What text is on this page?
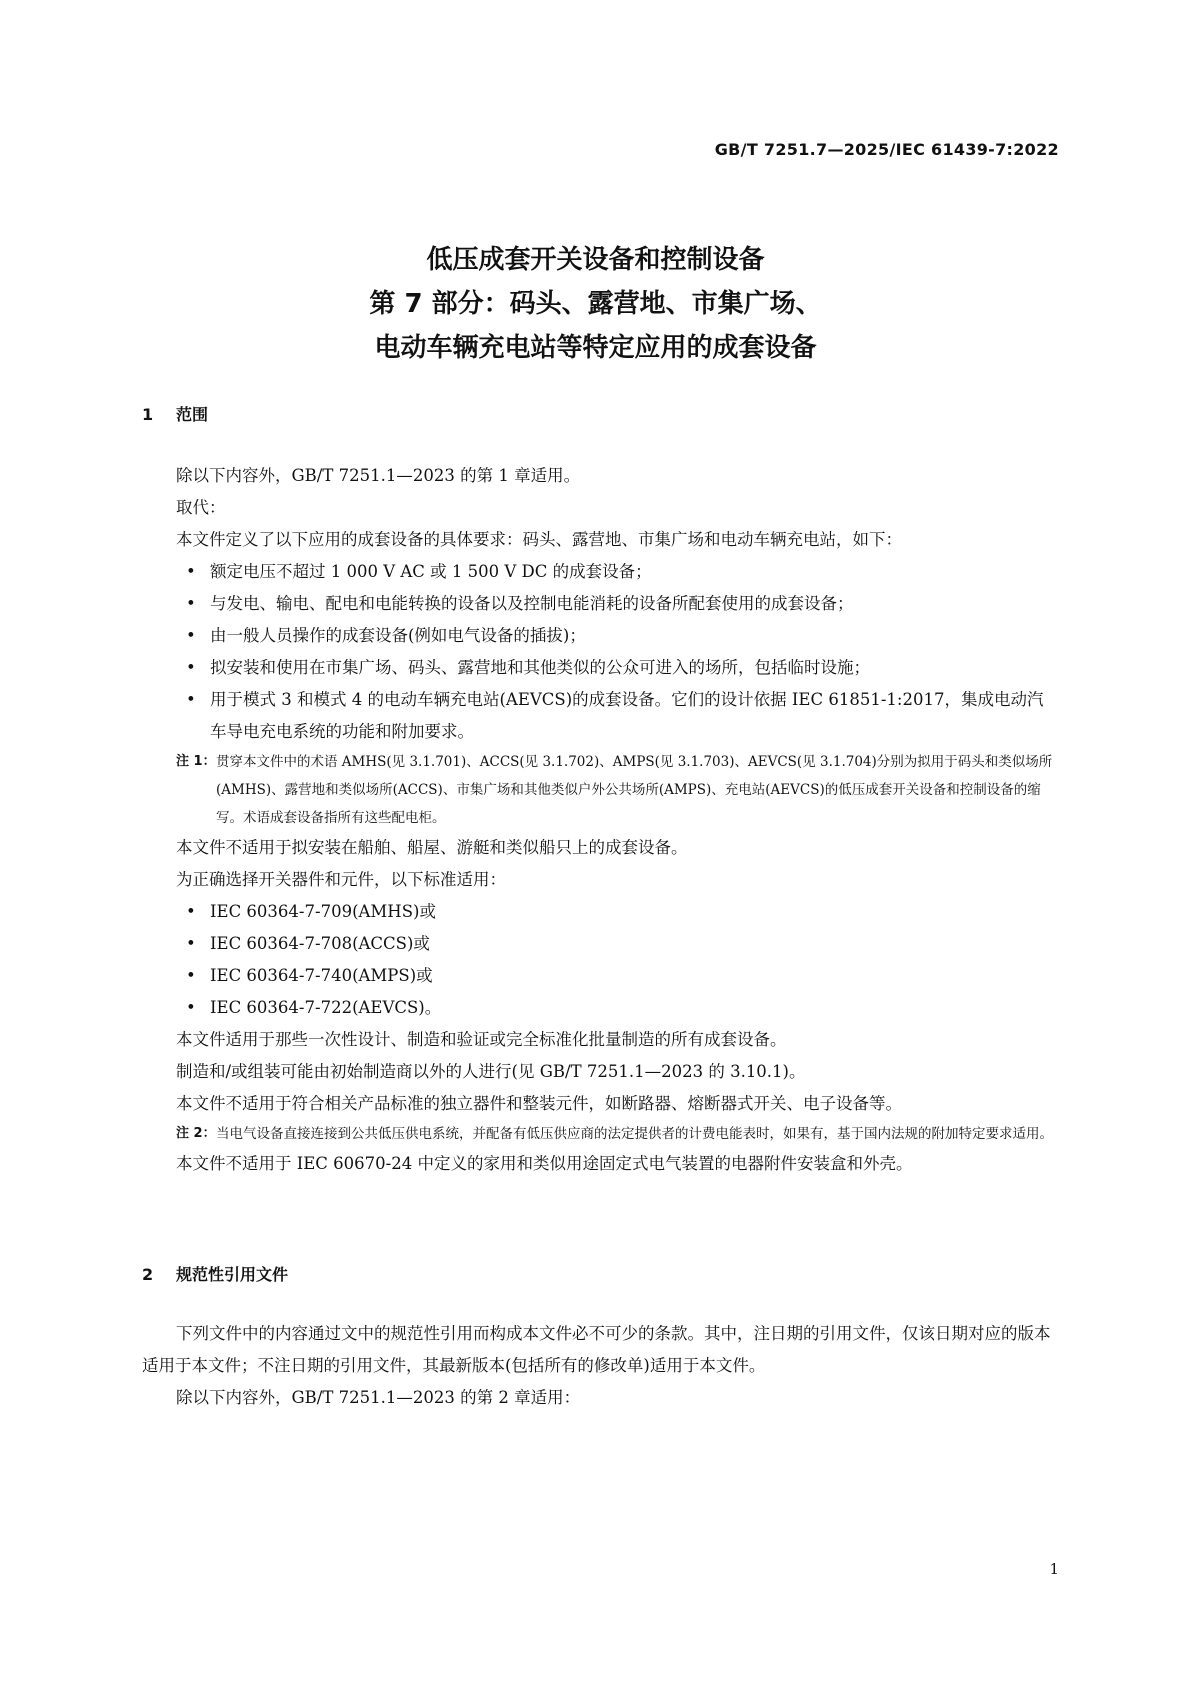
GB/T 7251.7—2025/IEC 61439-7:2022
低压成套开关设备和控制设备
第 7 部分：码头、露营地、市集广场、
电动车辆充电站等特定应用的成套设备
1 范围

除以下内容外，GB/T 7251.1—2023 的第 1 章适用。

取代：

本文件定义了以下应用的成套设备的具体要求：码头、露营地、市集广场和电动车辆充电站，如下：

• 额定电压不超过 1 000 V AC 或 1 500 V DC 的成套设备；

• 与发电、输电、配电和电能转换的设备以及控制电能消耗的设备所配套使用的成套设备；

• 由一般人员操作的成套设备(例如电气设备的插拔)；

• 拟安装和使用在市集广场、码头、露营地和其他类似的公众可进入的场所，包括临时设施；

• 用于模式 3 和模式 4 的电动车辆充电站(AEVCS)的成套设备。它们的设计依据 IEC 61851-1:2017，集成电动汽车导电充电系统的功能和附加要求。

注 1： 贯穿本文件中的术语 AMHS(见 3.1.701)、ACCS(见 3.1.702)、AMPS(见 3.1.703)、AEVCS(见 3.1.704)分别为拟用于码头和类似场所(AMHS)、露营地和类似场所(ACCS)、市集广场和其他类似户外公共场所(AMPS)、充电站(AEVCS)的低压成套开关设备和控制设备的缩写。术语成套设备指所有这些配电柜。

本文件不适用于拟安装在船舶、船屋、游艇和类似船只上的成套设备。

为正确选择开关器件和元件，以下标准适用：

• IEC 60364-7-709(AMHS)或

• IEC 60364-7-708(ACCS)或

• IEC 60364-7-740(AMPS)或

• IEC 60364-7-722(AEVCS)。

本文件适用于那些一次性设计、制造和验证或完全标准化批量制造的所有成套设备。

制造和/或组装可能由初始制造商以外的人进行(见 GB/T 7251.1—2023 的 3.10.1)。

本文件不适用于符合相关产品标准的独立器件和整装元件，如断路器、熔断器式开关、电子设备等。

注 2： 当电气设备直接连接到公共低压供电系统，并配备有低压供应商的法定提供者的计费电能表时，如果有，基于国内法规的附加特定要求适用。

本文件不适用于 IEC 60670-24 中定义的家用和类似用途固定式电气装置的电器附件安装盒和外壳。

2 规范性引用文件

下列文件中的内容通过文中的规范性引用而构成本文件必不可少的条款。其中，注日期的引用文件，仅该日期对应的版本适用于本文件；不注日期的引用文件，其最新版本(包括所有的修改单)适用于本文件。

除以下内容外，GB/T 7251.1—2023 的第 2 章适用：

1
